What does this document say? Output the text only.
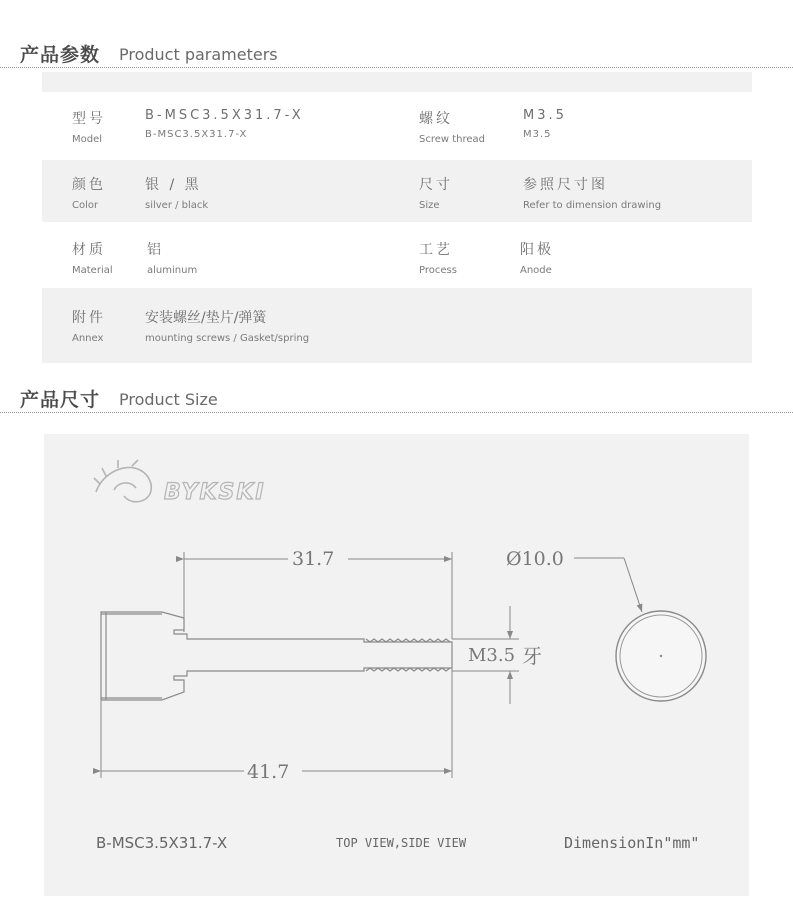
产品参数 Product parameters
型号
Model
B-MSC3.5X31.7-X
B-MSC3.5X31.7-X
螺纹
Screw thread
M3.5
M3.5
颜色
Color
银 / 黑
silver / black
尺寸
Size
参照尺寸图
Refer to dimension drawing
材质
Material
铝
aluminum
工艺
Process
阳极
Anode
附件
Annex
安装螺丝/垫片/弹簧
mounting screws / Gasket/spring
产品尺寸 Product Size
BYKSKI
31.7
41.7
M3.5 牙
Ø10.0
B-MSC3.5X31.7-X	TOP VIEW,SIDE VIEW	DimensionIn"mm"
